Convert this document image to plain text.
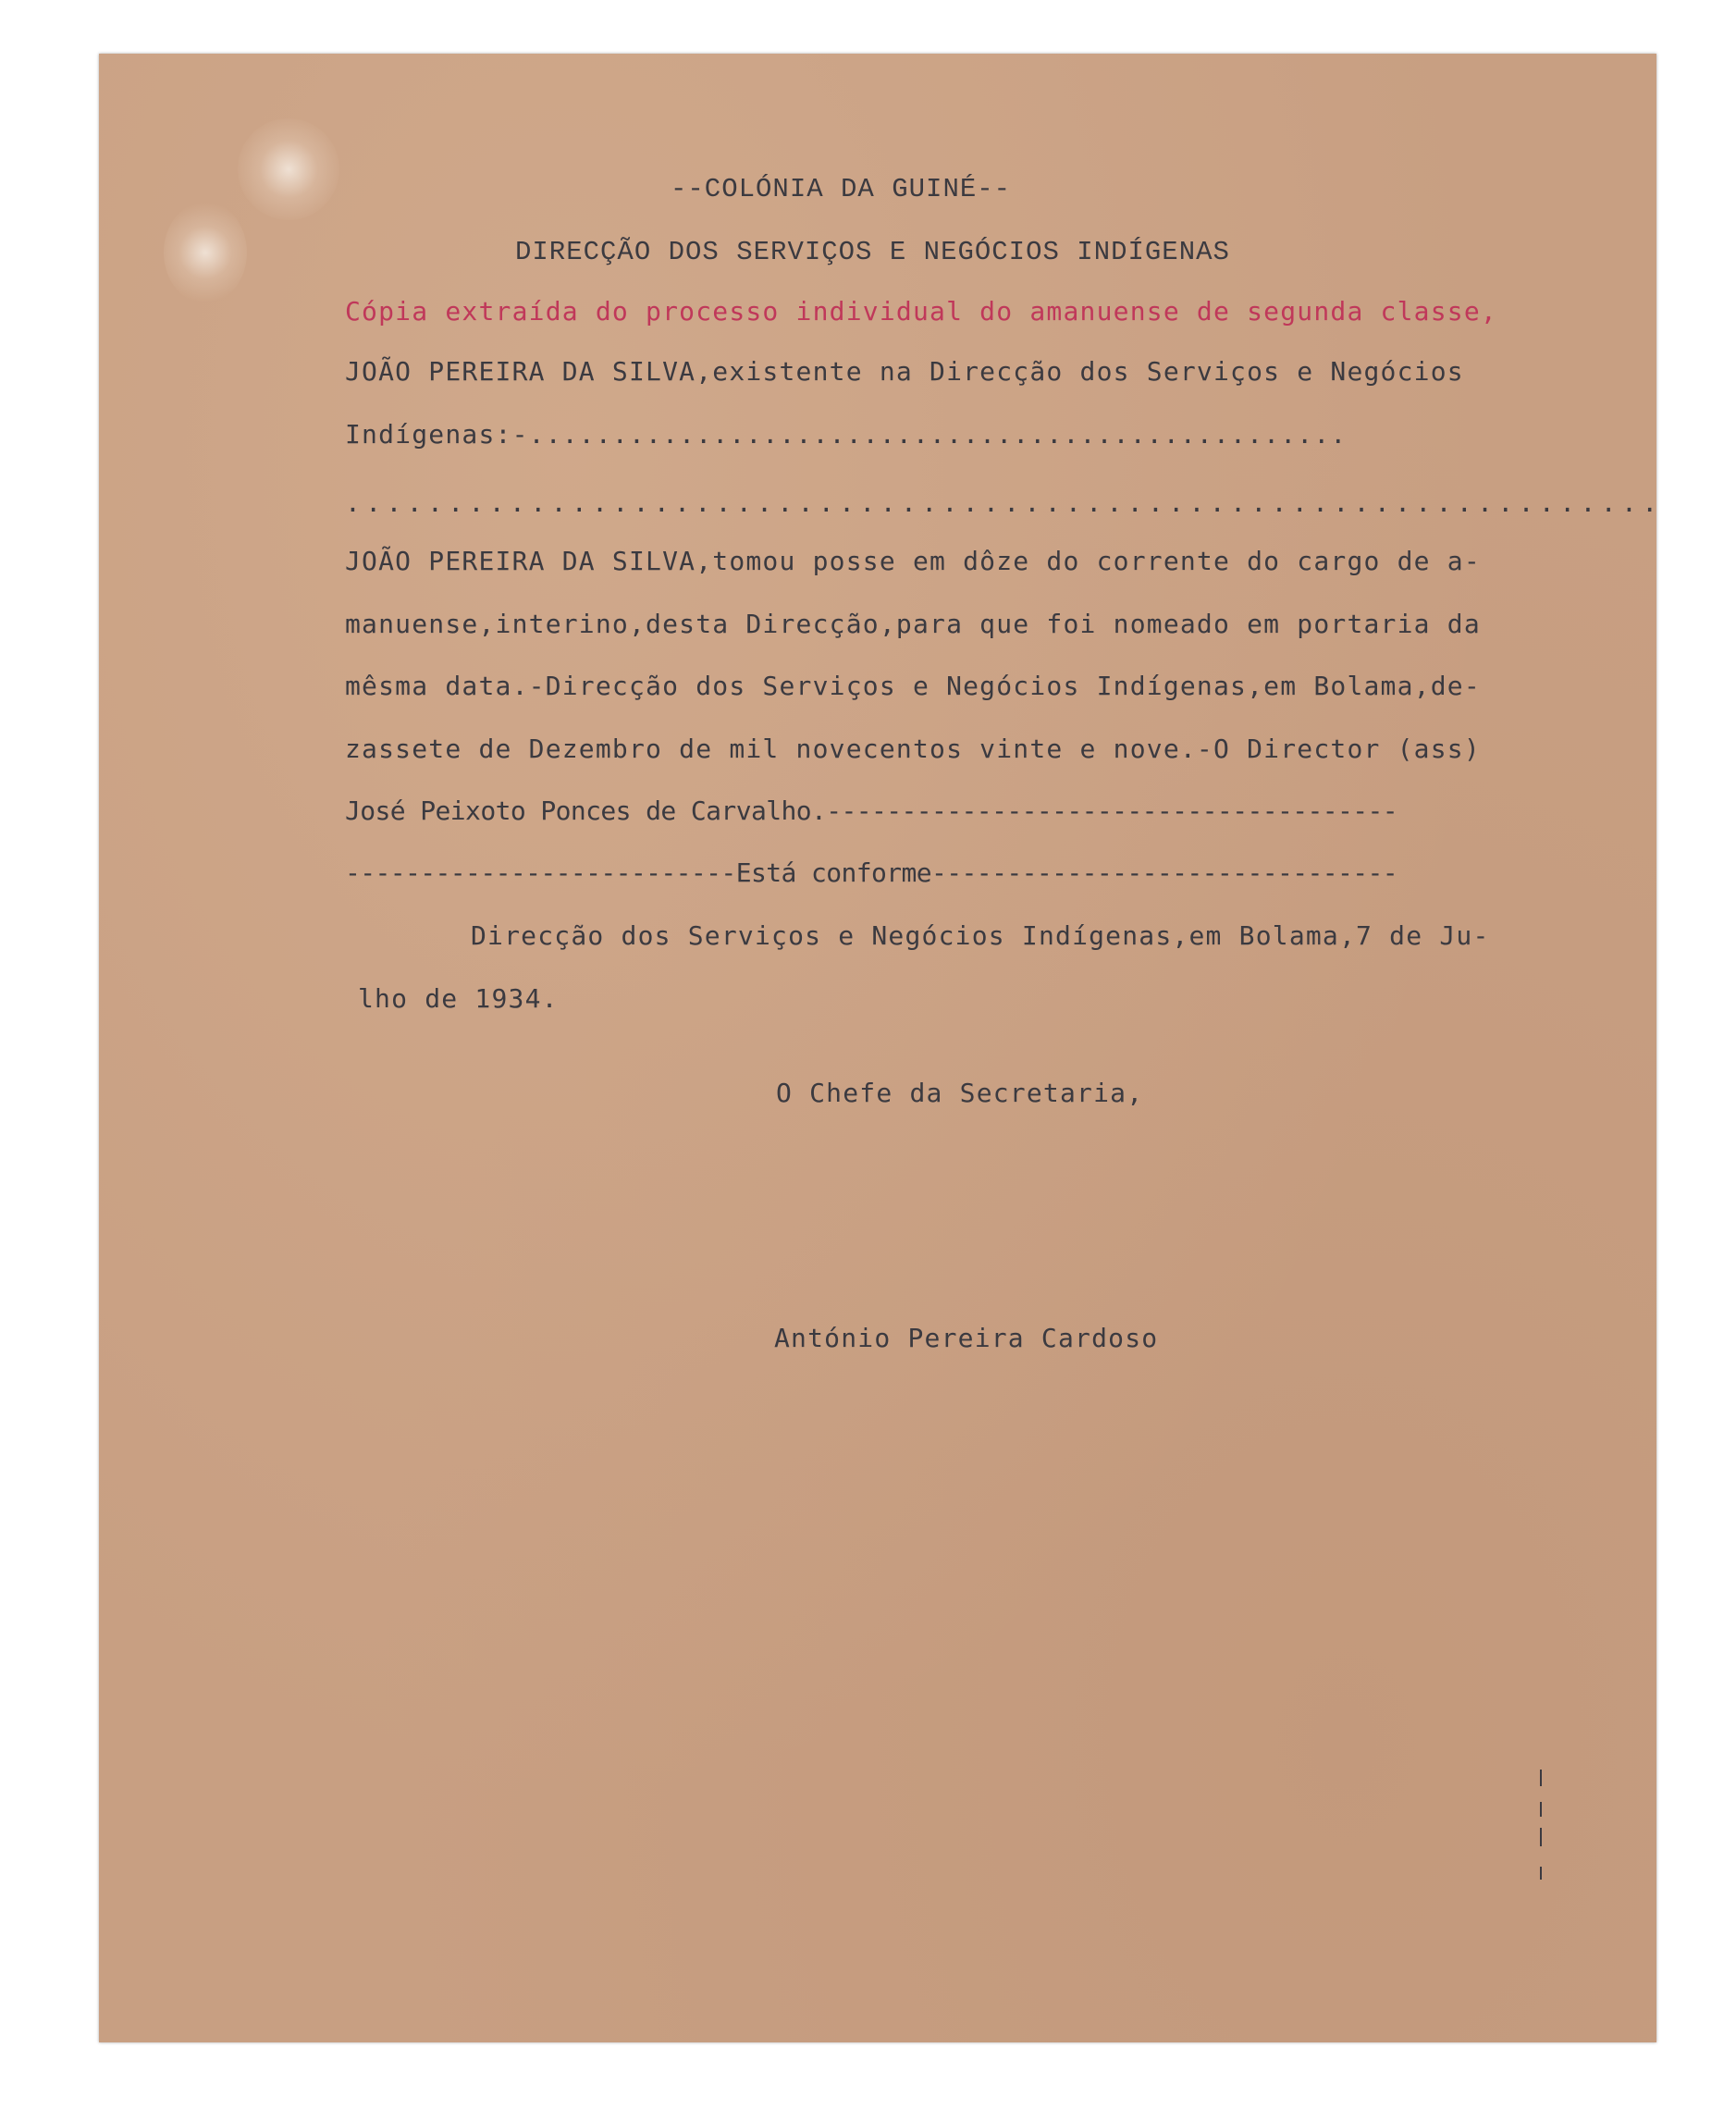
--COLÓNIA DA GUINÉ--
DIRECÇÃO DOS SERVIÇOS E NEGÓCIOS INDÍGENAS
Cópia extraída do processo individual do amanuense de segunda classe,
JOÃO PEREIRA DA SILVA,existente na Direcção dos Serviços e Negócios
Indígenas:-.................................................
................................................................
JOÃO PEREIRA DA SILVA,tomou posse em dôze do corrente do cargo de a-
manuense,interino,desta Direcção,para que foi nomeado em portaria da
mêsma data.-Direcção dos Serviços e Negócios Indígenas,em Bolama,de-
zassete de Dezembro de mil novecentos vinte e nove.-O Director (ass)
José Peixoto Ponces de Carvalho.--------------------------------------
--------------------------Está conforme-------------------------------
Direcção dos Serviços e Negócios Indígenas,em Bolama,7 de Ju-
lho de 1934.
O Chefe da Secretaria,
António Pereira Cardoso
